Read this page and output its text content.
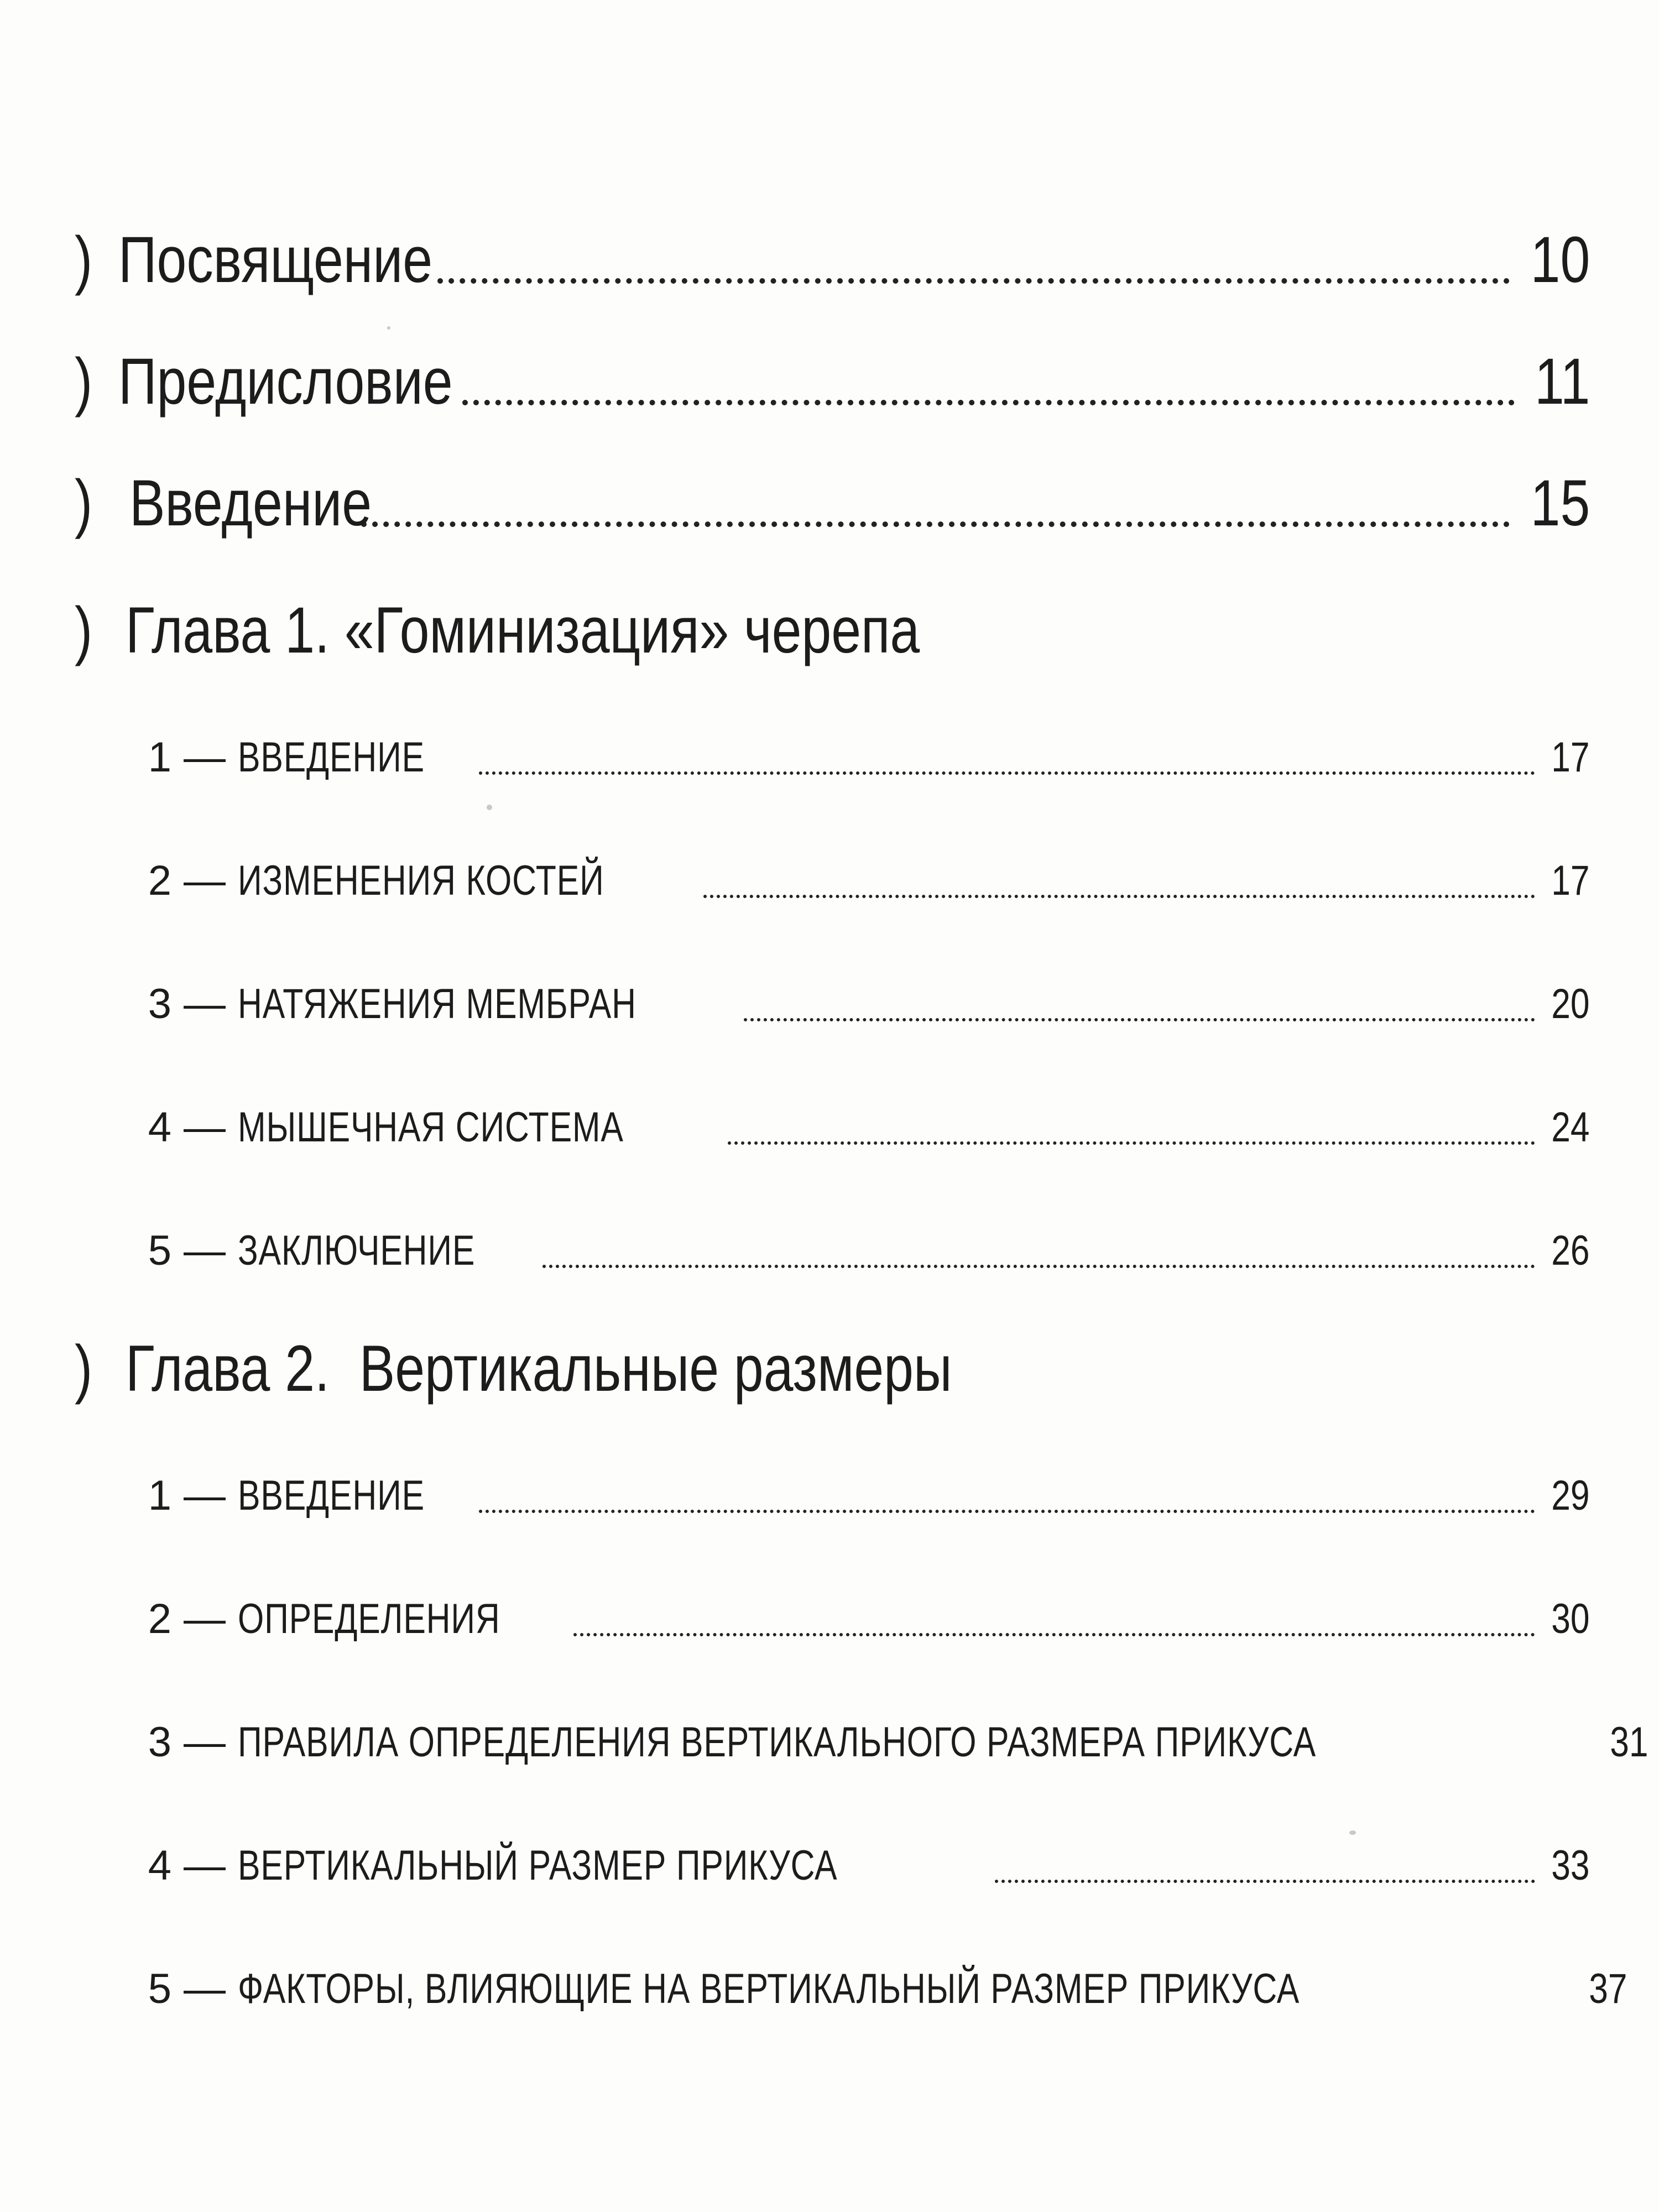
) Посвящение	10
) Предисловие	11
) Введение	15
) Глава 1. «Гоминизация» черепа
1 — ВВЕДЕНИЕ	17
2 — ИЗМЕНЕНИЯ КОСТЕЙ	17
3 — НАТЯЖЕНИЯ МЕМБРАН	20
4 — МЫШЕЧНАЯ СИСТЕМА	24
5 — ЗАКЛЮЧЕНИЕ	26
) Глава 2.  Вертикальные размеры
1 — ВВЕДЕНИЕ	29
2 — ОПРЕДЕЛЕНИЯ	30
3 — ПРАВИЛА ОПРЕДЕЛЕНИЯ ВЕРТИКАЛЬНОГО РАЗМЕРА ПРИКУСА	31
4 — ВЕРТИКАЛЬНЫЙ РАЗМЕР ПРИКУСА	33
5 — ФАКТОРЫ, ВЛИЯЮЩИЕ НА ВЕРТИКАЛЬНЫЙ РАЗМЕР ПРИКУСА	37
